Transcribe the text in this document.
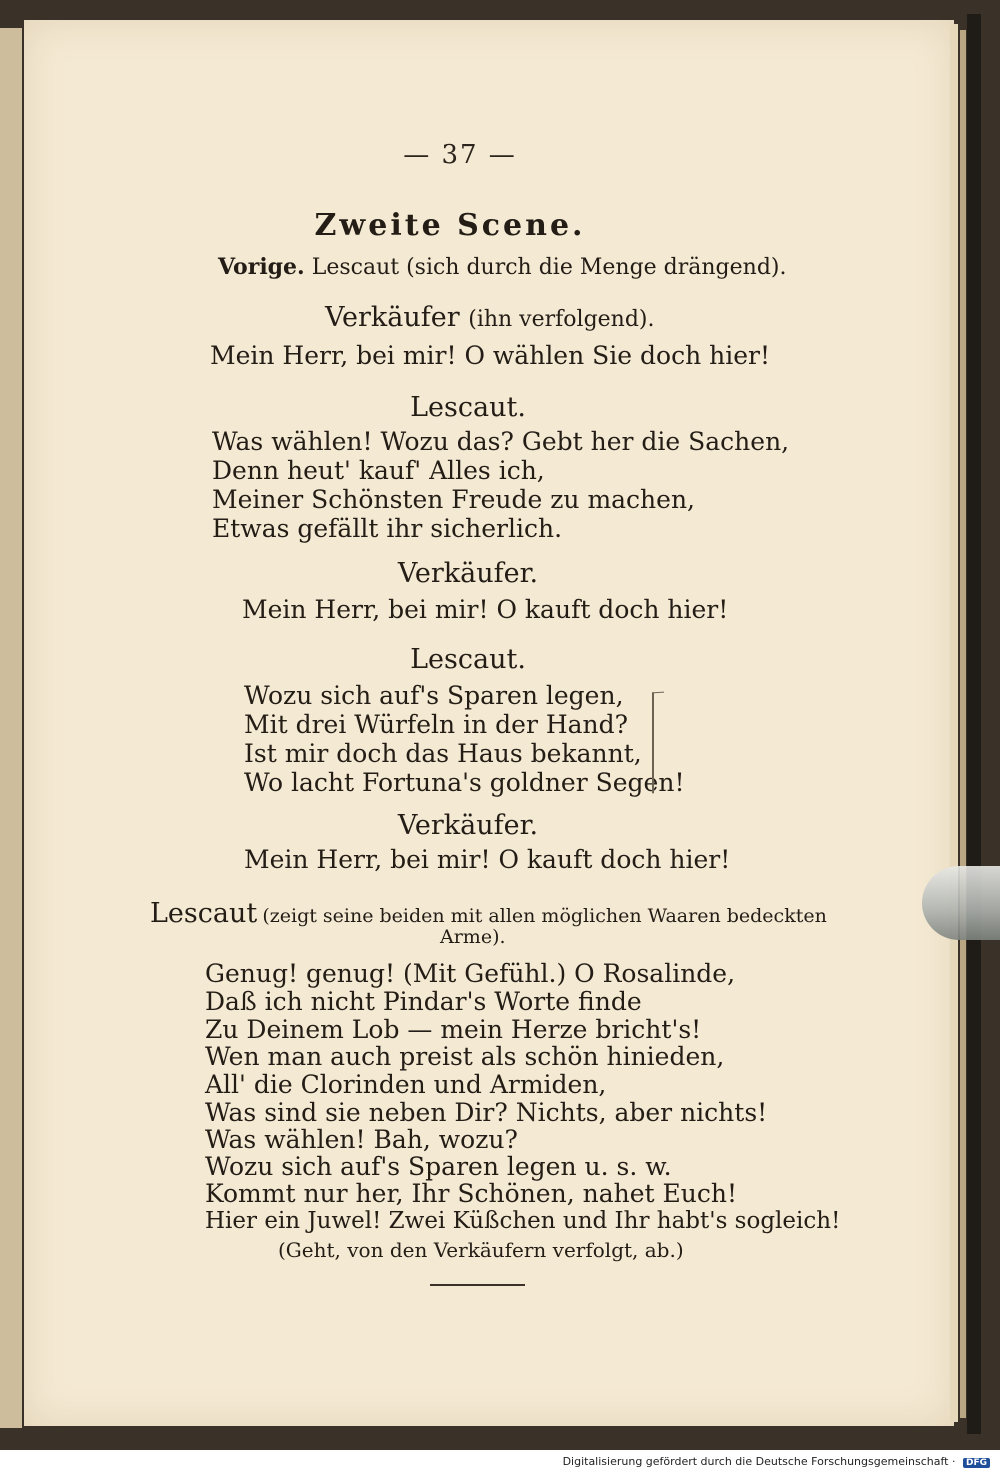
— 37 —
Zweite Scene.
Vorige. Lescaut (sich durch die Menge drängend).
Verkäufer (ihn verfolgend).
Mein Herr, bei mir! O wählen Sie doch hier!
Lescaut.
Was wählen! Wozu das? Gebt her die Sachen,
Denn heut' kauf' Alles ich,
Meiner Schönsten Freude zu machen,
Etwas gefällt ihr sicherlich.
Verkäufer.
Mein Herr, bei mir! O kauft doch hier!
Lescaut.
Wozu sich auf's Sparen legen,
Mit drei Würfeln in der Hand?
Ist mir doch das Haus bekannt,
Wo lacht Fortuna's goldner Segen!
Verkäufer.
Mein Herr, bei mir! O kauft doch hier!
Lescaut (zeigt seine beiden mit allen möglichen Waaren bedeckten
Arme).
Genug! genug! (Mit Gefühl.) O Rosalinde,
Daß ich nicht Pindar's Worte finde
Zu Deinem Lob — mein Herze bricht's!
Wen man auch preist als schön hinieden,
All' die Clorinden und Armiden,
Was sind sie neben Dir? Nichts, aber nichts!
Was wählen! Bah, wozu?
Wozu sich auf's Sparen legen u. s. w.
Kommt nur her, Ihr Schönen, nahet Euch!
Hier ein Juwel! Zwei Küßchen und Ihr habt's sogleich!
(Geht, von den Verkäufern verfolgt, ab.)
Digitalisierung gefördert durch die Deutsche Forschungsgemeinschaft · DFG
